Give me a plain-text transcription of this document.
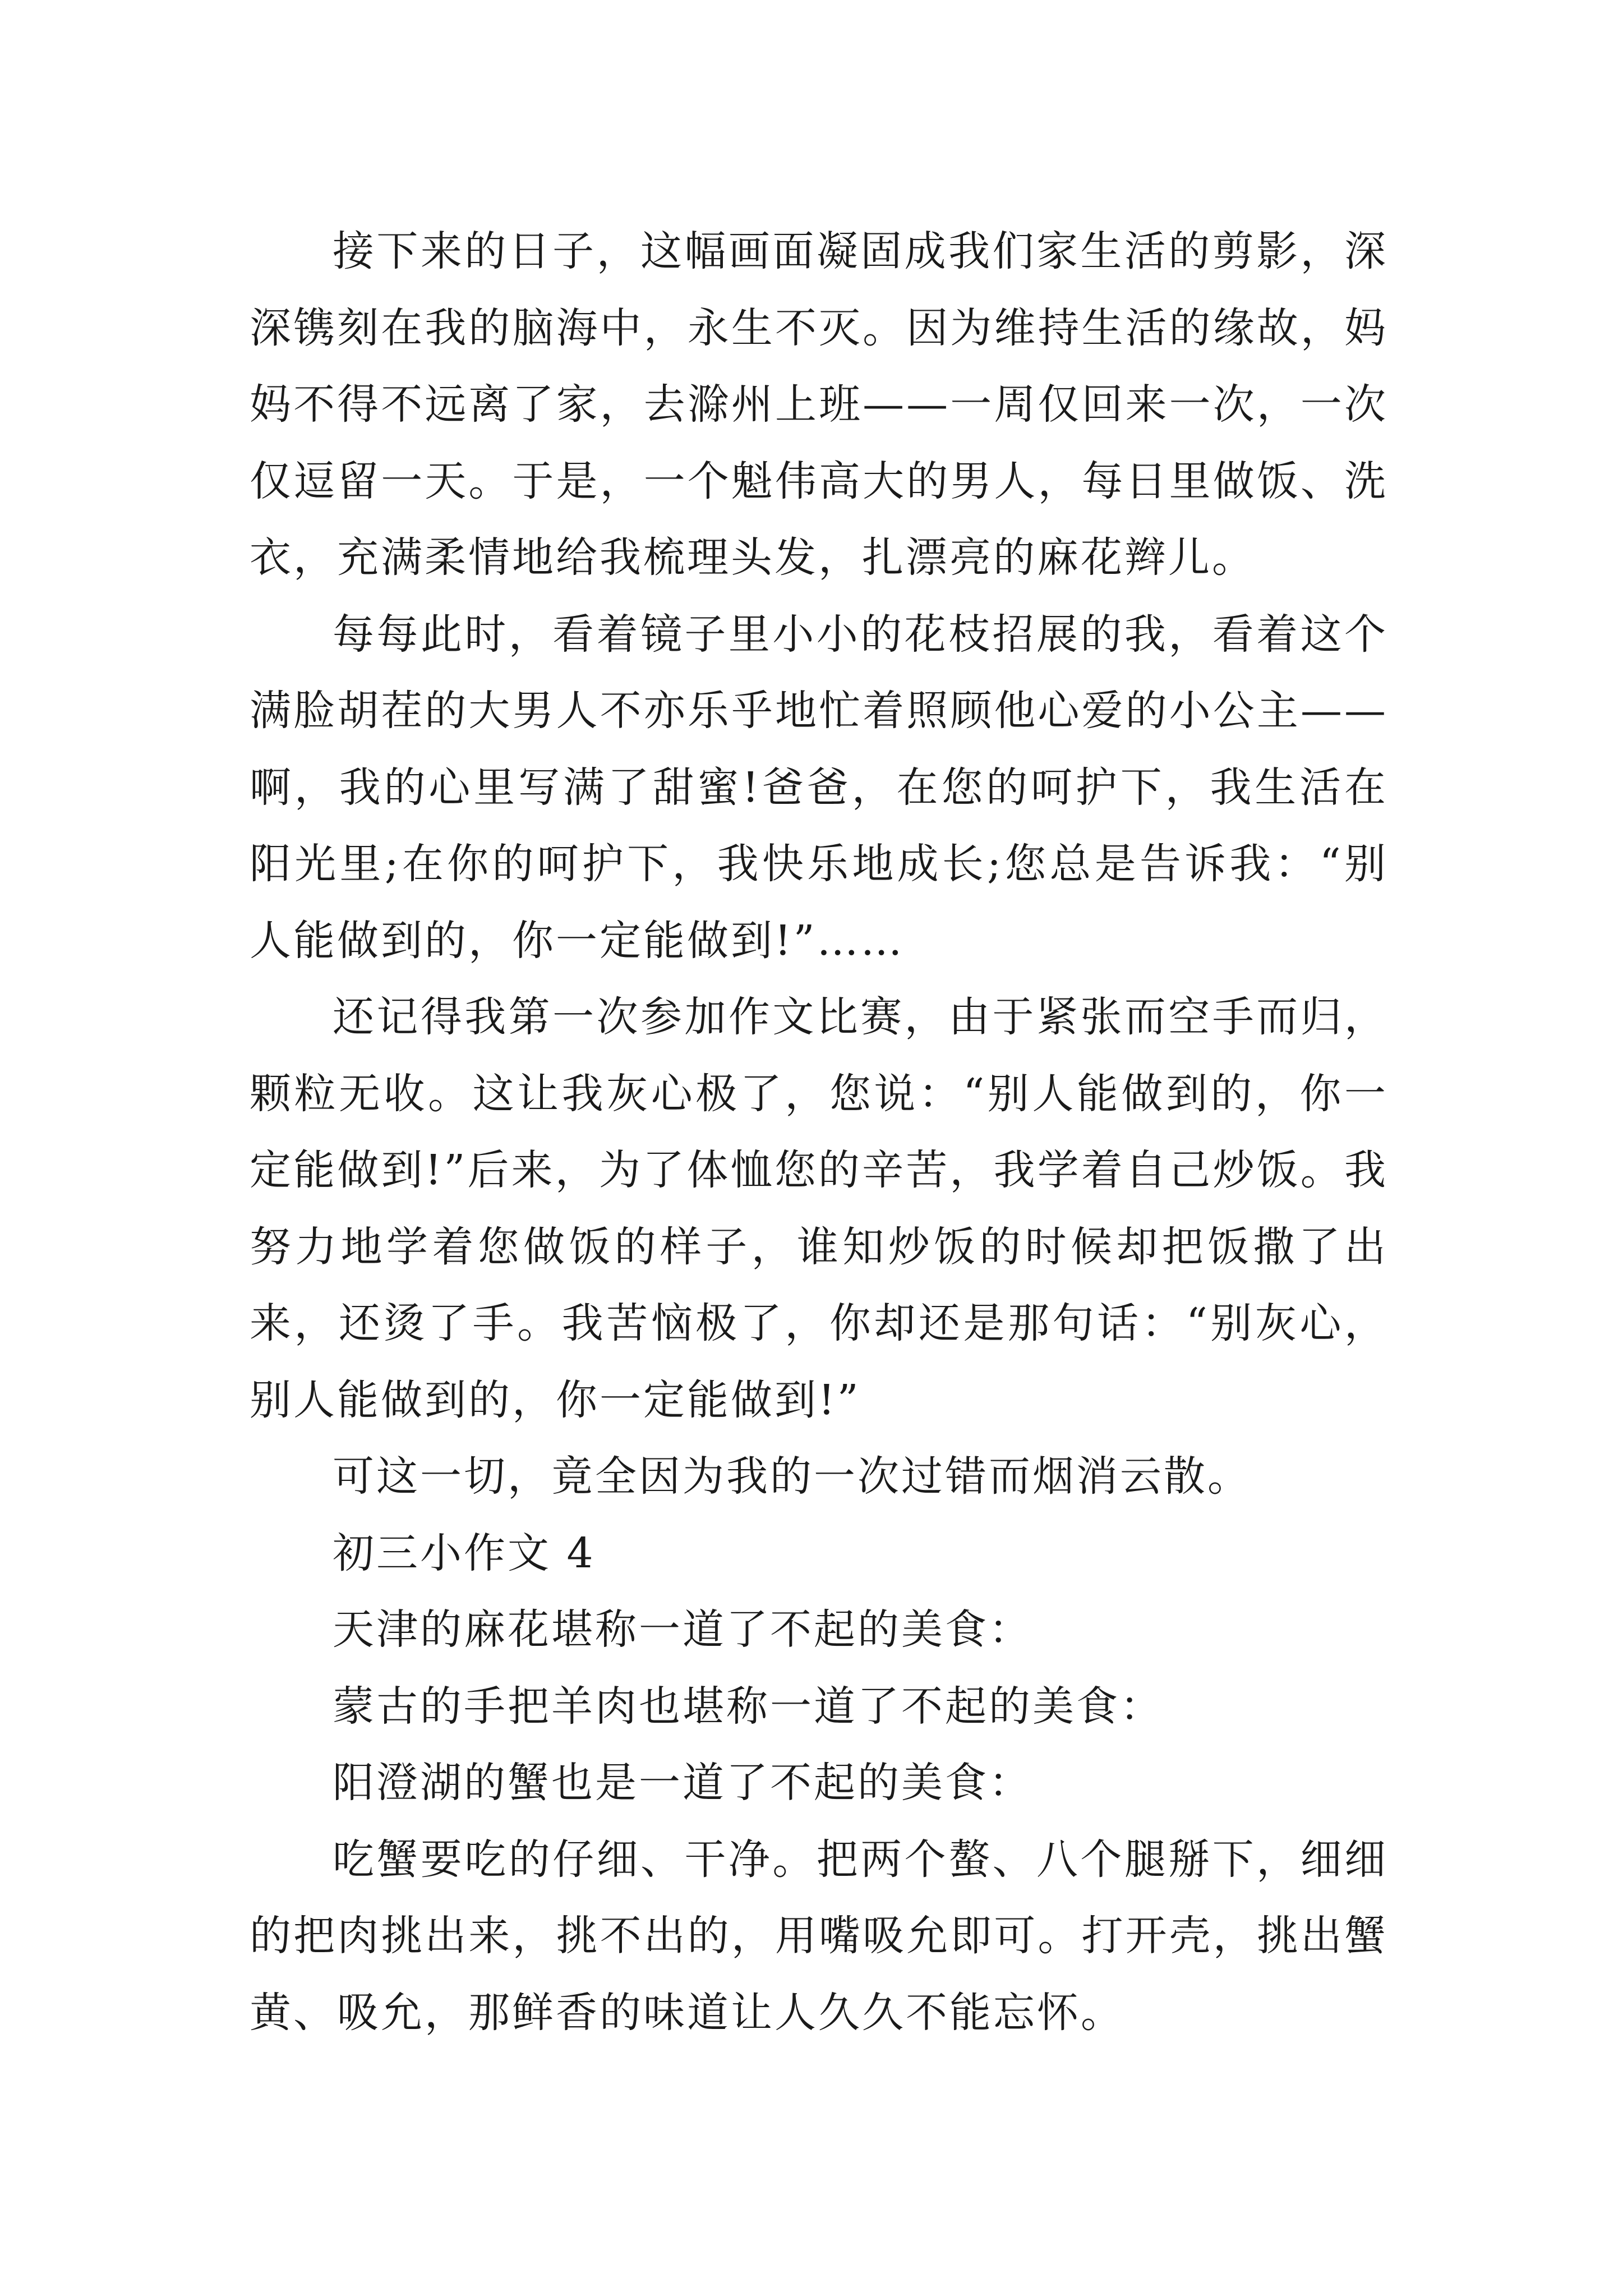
接下来的日子，这幅画面凝固成我们家生活的剪影，深深镌刻在我的脑海中，永生不灭。因为维持生活的缘故，妈妈不得不远离了家，去滁州上班——一周仅回来一次，一次仅逗留一天。于是，一个魁伟高大的男人，每日里做饭、洗衣，充满柔情地给我梳理头发，扎漂亮的麻花辫儿。

每每此时，看着镜子里小小的花枝招展的我，看着这个满脸胡茬的大男人不亦乐乎地忙着照顾他心爱的小公主——啊，我的心里写满了甜蜜!爸爸，在您的呵护下，我生活在阳光里;在你的呵护下，我快乐地成长;您总是告诉我：“别人能做到的，你一定能做到!”……

还记得我第一次参加作文比赛，由于紧张而空手而归，颗粒无收。这让我灰心极了，您说：“别人能做到的，你一定能做到!”后来，为了体恤您的辛苦，我学着自己炒饭。我努力地学着您做饭的样子，谁知炒饭的时候却把饭撒了出来，还烫了手。我苦恼极了，你却还是那句话：“别灰心，别人能做到的，你一定能做到!”

可这一切，竟全因为我的一次过错而烟消云散。

初三小作文 4

天津的麻花堪称一道了不起的美食：

蒙古的手把羊肉也堪称一道了不起的美食：

阳澄湖的蟹也是一道了不起的美食：

吃蟹要吃的仔细、干净。把两个螯、八个腿掰下，细细的把肉挑出来，挑不出的，用嘴吸允即可。打开壳，挑出蟹黄、吸允，那鲜香的味道让人久久不能忘怀。
